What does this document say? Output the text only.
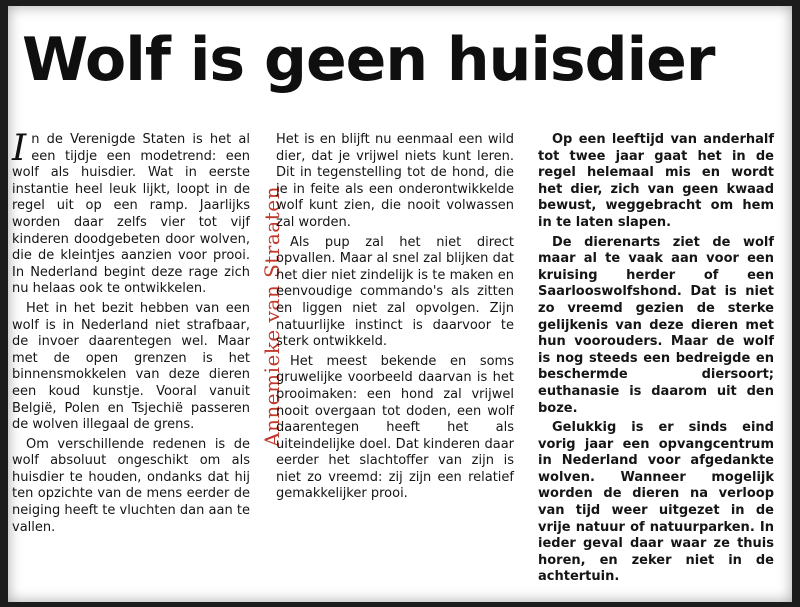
Wolf is geen huisdier

In de Verenigde Staten is het al een tijdje een modetrend: een wolf als huisdier. Wat in eerste instantie heel leuk lijkt, loopt in de regel uit op een ramp. Jaarlijks worden daar zelfs vier tot vijf kinderen doodgebeten door wolven, die de kleintjes aanzien voor prooi. In Nederland begint deze rage zich nu helaas ook te ontwikkelen.

Het in het bezit hebben van een wolf is in Nederland niet strafbaar, de invoer daarentegen wel. Maar met de open grenzen is het binnensmokkelen van deze dieren een koud kunstje. Vooral vanuit België, Polen en Tsjechië passeren de wolven illegaal de grens.

Om verschillende redenen is de wolf absoluut ongeschikt om als huisdier te houden, ondanks dat hij ten opzichte van de mens eerder de neiging heeft te vluchten dan aan te vallen.

Annemieke van Straaten

Het is en blijft nu eenmaal een wild dier, dat je vrijwel niets kunt leren. Dit in tegenstelling tot de hond, die je in feite als een onderontwikkelde wolf kunt zien, die nooit volwassen zal worden.

Als pup zal het niet direct opvallen. Maar al snel zal blijken dat het dier niet zindelijk is te maken en eenvoudige commando's als zitten en liggen niet zal opvolgen. Zijn natuurlijke instinct is daarvoor te sterk ontwikkeld.

Het meest bekende en soms gruwelijke voorbeeld daarvan is het prooimaken: een hond zal vrijwel nooit overgaan tot doden, een wolf daarentegen heeft het als uiteindelijke doel. Dat kinderen daar eerder het slachtoffer van zijn is niet zo vreemd: zij zijn een relatief gemakkelijker prooi.

Op een leeftijd van anderhalf tot twee jaar gaat het in de regel helemaal mis en wordt het dier, zich van geen kwaad bewust, weggebracht om hem in te laten slapen.

De dierenarts ziet de wolf maar al te vaak aan voor een kruising herder of een Saarlooswolfshond. Dat is niet zo vreemd gezien de sterke gelijkenis van deze dieren met hun voorouders. Maar de wolf is nog steeds een bedreigde en beschermde diersoort; euthanasie is daarom uit den boze.

Gelukkig is er sinds eind vorig jaar een opvangcentrum in Nederland voor afgedankte wolven. Wanneer mogelijk worden de dieren na verloop van tijd weer uitgezet in de vrije natuur of natuurparken. In ieder geval daar waar ze thuis horen, en zeker niet in de achtertuin.
